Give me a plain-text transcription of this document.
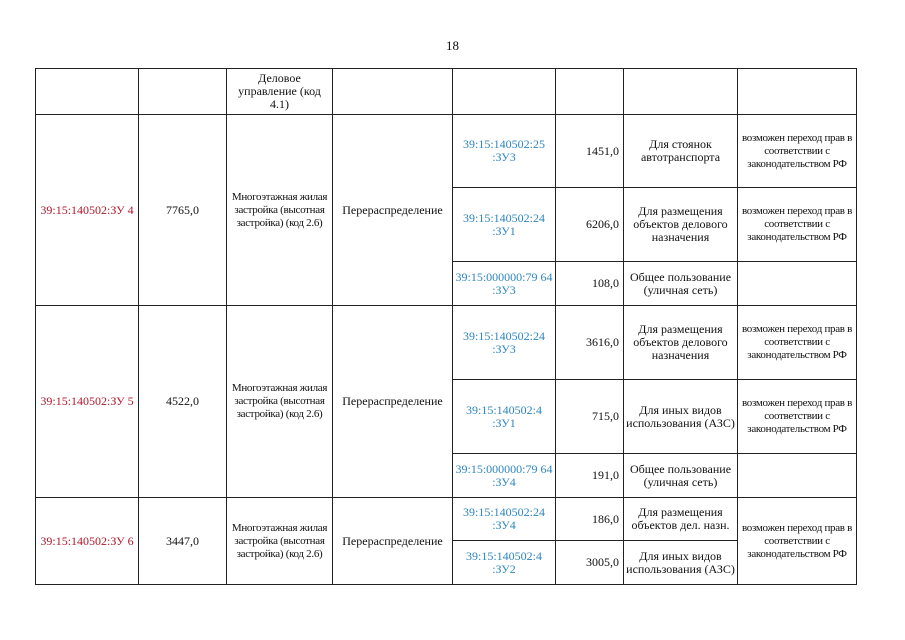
18
		Деловое управление (код 4.1)					
39:15:140502:ЗУ 4	7765,0	Многоэтажная жилая застройка (высотная застройка) (код 2.6)	Перераспределение	39:15:140502:25 :ЗУ3	1451,0	Для стоянок автотранспорта	возможен переход прав в соответствии с законодательством РФ
				39:15:140502:24 :ЗУ1	6206,0	Для размещения объектов делового назначения	возможен переход прав в соответствии с законодательством РФ
				39:15:000000:79 64 :ЗУ3	108,0	Общее пользование (уличная сеть)	
39:15:140502:ЗУ 5	4522,0	Многоэтажная жилая застройка (высотная застройка) (код 2.6)	Перераспределение	39:15:140502:24 :ЗУ3	3616,0	Для размещения объектов делового назначения	возможен переход прав в соответствии с законодательством РФ
				39:15:140502:4 :ЗУ1	715,0	Для иных видов использования (АЗС)	возможен переход прав в соответствии с законодательством РФ
				39:15:000000:79 64 :ЗУ4	191,0	Общее пользование (уличная сеть)	
39:15:140502:ЗУ 6	3447,0	Многоэтажная жилая застройка (высотная застройка) (код 2.6)	Перераспределение	39:15:140502:24 :ЗУ4	186,0	Для размещения объектов дел. назн.	возможен переход прав в соответствии с законодательством РФ
				39:15:140502:4 :ЗУ2	3005,0	Для иных видов использования (АЗС)	
